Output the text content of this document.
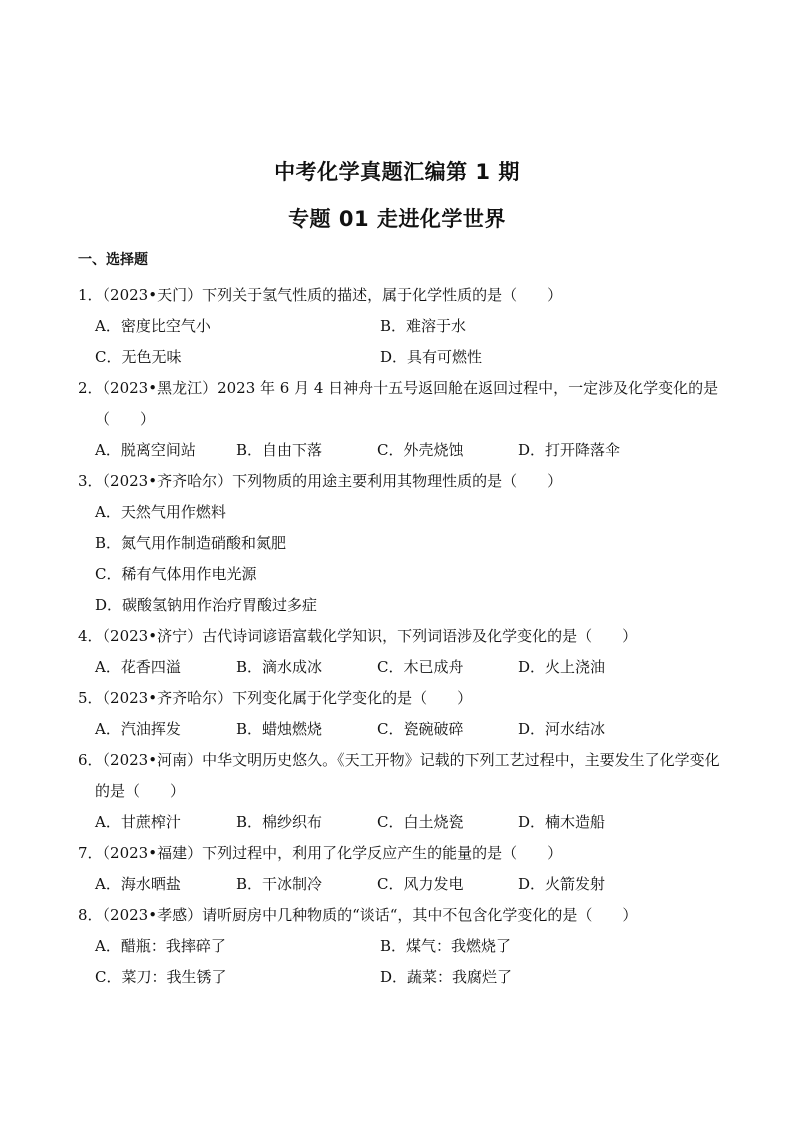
中考化学真题汇编第 1 期
专题 01 走进化学世界
一、选择题
1．（2023•天门）下列关于氢气性质的描述，属于化学性质的是（　　）
A．密度比空气小	B．难溶于水
C．无色无味	D．具有可燃性
2．（2023•黑龙江）2023 年 6 月 4 日神舟十五号返回舱在返回过程中，一定涉及化学变化的是（　　）
A．脱离空间站	B．自由下落	C．外壳烧蚀	D．打开降落伞
3．（2023•齐齐哈尔）下列物质的用途主要利用其物理性质的是（　　）
A．天然气用作燃料
B．氮气用作制造硝酸和氮肥
C．稀有气体用作电光源
D．碳酸氢钠用作治疗胃酸过多症
4．（2023•济宁）古代诗词谚语富载化学知识，下列词语涉及化学变化的是（　　）
A．花香四溢	B．滴水成冰	C．木已成舟	D．火上浇油
5．（2023•齐齐哈尔）下列变化属于化学变化的是（　　）
A．汽油挥发	B．蜡烛燃烧	C．瓷碗破碎	D．河水结冰
6．（2023•河南）中华文明历史悠久。《天工开物》记载的下列工艺过程中，主要发生了化学变化的是（　　）
A．甘蔗榨汁	B．棉纱织布	C．白土烧瓷	D．楠木造船
7．（2023•福建）下列过程中，利用了化学反应产生的能量的是（　　）
A．海水晒盐	B．干冰制冷	C．风力发电	D．火箭发射
8．（2023•孝感）请听厨房中几种物质的“谈话“，其中不包含化学变化的是（　　）
A．醋瓶：我摔碎了	B．煤气：我燃烧了
C．菜刀：我生锈了	D．蔬菜：我腐烂了
